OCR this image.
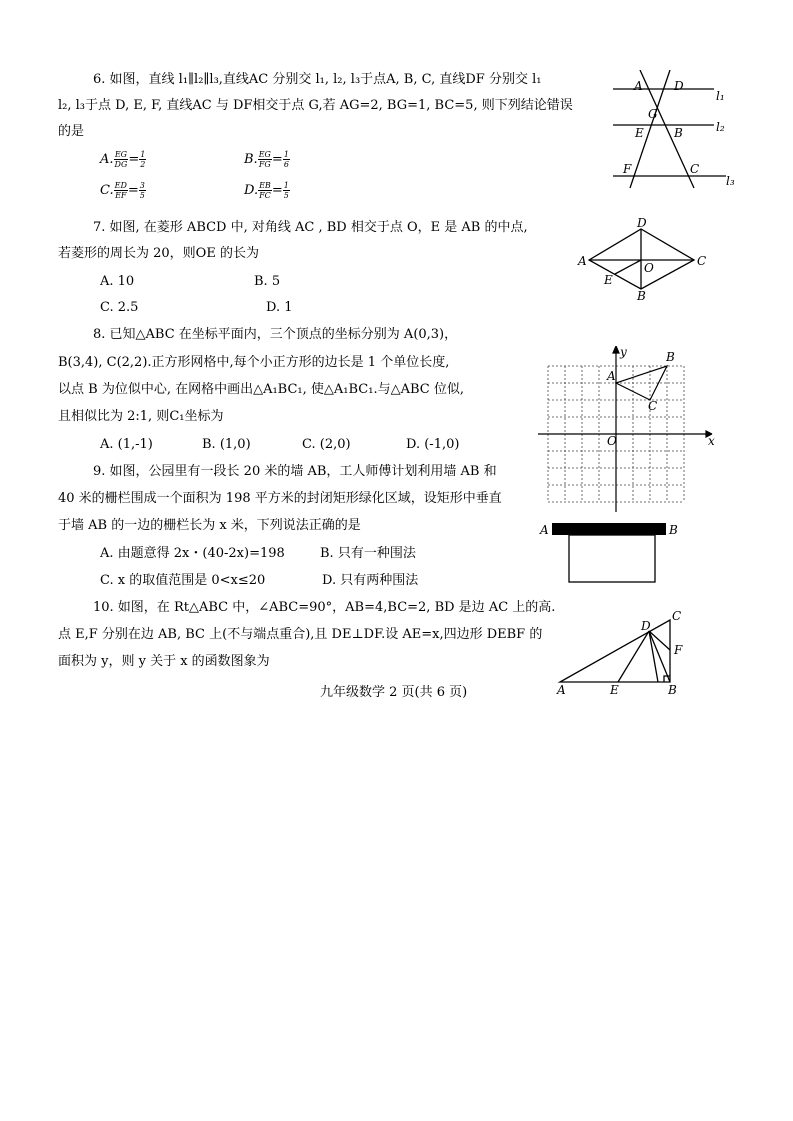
6. 如图，直线 l₁∥l₂∥l₃,直线AC 分别交 l₁, l₂, l₃于点A, B, C, 直线DF 分别交 l₁
l₂, l₃于点 D, E, F, 直线AC 与 DF相交于点 G,若 AG=2, BG=1, BC=5, 则下列结论错误
的是
A. $\frac{EG}{DG} = \frac{1}{2}$	B. $\frac{EG}{FG} = \frac{1}{6}$
C. $\frac{ED}{EF} = \frac{3}{5}$	D. $\frac{EB}{FC} = \frac{1}{5}$
A	D
G
E	B
F	C
l₁
l₂
l₃
7. 如图, 在菱形 ABCD 中, 对角线 AC , BD 相交于点 O，E 是 AB 的中点,
若菱形的周长为 20，则OE 的长为
A. 10	B. 5
C. 2.5	D. 1
A
D
C
B
O
E
8. 已知△ABC 在坐标平面内，三个顶点的坐标分别为 A(0,3)，
B(3,4), C(2,2).正方形网格中,每个小正方形的边长是 1 个单位长度,
以点 B 为位似中心, 在网格中画出△A₁BC₁, 使△A₁BC₁.与△ABC 位似,
且相似比为 2:1, 则C₁坐标为
A. (1,-1)	B. (1,0)	C. (2,0)	D. (-1,0)
y
x
O
A
B
C
9. 如图，公园里有一段长 20 米的墙 AB，工人师傅计划利用墙 AB 和
40 米的栅栏围成一个面积为 198 平方米的封闭矩形绿化区域，设矩形中垂直
于墙 AB 的一边的栅栏长为 x 米，下列说法正确的是
A. 由题意得 2x・(40-2x)=198	B. 只有一种围法
C. x 的取值范围是 0<x≤20	D. 只有两种围法
A	B
10. 如图，在 Rt△ABC 中，∠ABC=90°，AB=4,BC=2, BD 是边 AC 上的高.
点 E,F 分别在边 AB, BC 上(不与端点重合),且 DE⊥DF.设 AE=x,四边形 DEBF 的
面积为 y，则 y 关于 x 的函数图象为
A	B
C
D
E
F
九年级数学 2 页(共 6 页)
